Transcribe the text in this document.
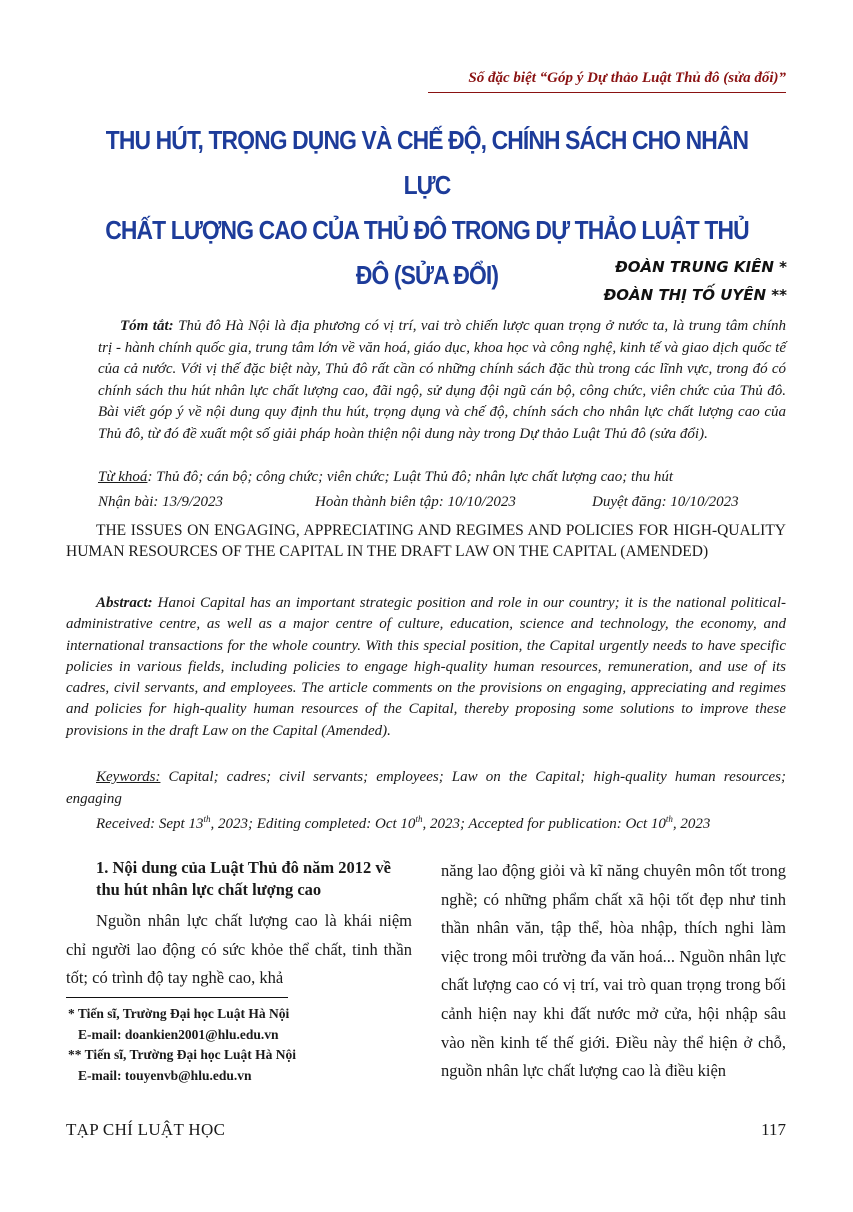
Số đặc biệt “Góp ý Dự thảo Luật Thủ đô (sửa đổi)”
THU HÚT, TRỌNG DỤNG VÀ CHẾ ĐỘ, CHÍNH SÁCH CHO NHÂN LỰC
CHẤT LƯỢNG CAO CỦA THỦ ĐÔ TRONG DỰ THẢO LUẬT THỦ ĐÔ (SỬA ĐỔI)	ĐOÀN TRUNG KIÊN *
ĐOÀN THỊ TỐ UYÊN **
Tóm tắt: Thủ đô Hà Nội là địa phương có vị trí, vai trò chiến lược quan trọng ở nước ta, là trung tâm chính trị - hành chính quốc gia, trung tâm lớn về văn hoá, giáo dục, khoa học và công nghệ, kinh tế và giao dịch quốc tế của cả nước. Với vị thế đặc biệt này, Thủ đô rất cần có những chính sách đặc thù trong các lĩnh vực, trong đó có chính sách thu hút nhân lực chất lượng cao, đãi ngộ, sử dụng đội ngũ cán bộ, công chức, viên chức của Thủ đô. Bài viết góp ý về nội dung quy định thu hút, trọng dụng và chế độ, chính sách cho nhân lực chất lượng cao của Thủ đô, từ đó đề xuất một số giải pháp hoàn thiện nội dung này trong Dự thảo Luật Thủ đô (sửa đổi).
Từ khoá: Thủ đô; cán bộ; công chức; viên chức; Luật Thủ đô; nhân lực chất lượng cao; thu hút
Nhận bài: 13/9/2023	Hoàn thành biên tập: 10/10/2023	Duyệt đăng: 10/10/2023
THE ISSUES ON ENGAGING, APPRECIATING AND REGIMES AND POLICIES FOR HIGH-QUALITY HUMAN RESOURCES OF THE CAPITAL IN THE DRAFT LAW ON THE CAPITAL (AMENDED)
Abstract: Hanoi Capital has an important strategic position and role in our country; it is the national political-administrative centre, as well as a major centre of culture, education, science and technology, the economy, and international transactions for the whole country. With this special position, the Capital urgently needs to have specific policies in various fields, including policies to engage high-quality human resources, remuneration, and use of its cadres, civil servants, and employees. The article comments on the provisions on engaging, appreciating and regimes and policies for high-quality human resources of the Capital, thereby proposing some solutions to improve these provisions in the draft Law on the Capital (Amended).
Keywords: Capital; cadres; civil servants; employees; Law on the Capital; high-quality human resources; engaging
Received: Sept 13th, 2023; Editing completed: Oct 10th, 2023; Accepted for publication: Oct 10th, 2023
1. Nội dung của Luật Thủ đô năm 2012 về thu hút nhân lực chất lượng cao
Nguồn nhân lực chất lượng cao là khái niệm chỉ người lao động có sức khỏe thể chất, tinh thần tốt; có trình độ tay nghề cao, khả
năng lao động giỏi và kĩ năng chuyên môn tốt trong nghề; có những phẩm chất xã hội tốt đẹp như tinh thần nhân văn, tập thể, hòa nhập, thích nghi làm việc trong môi trường đa văn hoá... Nguồn nhân lực chất lượng cao có vị trí, vai trò quan trọng trong bối cảnh hiện nay khi đất nước mở cửa, hội nhập sâu vào nền kinh tế thế giới. Điều này thể hiện ở chỗ, nguồn nhân lực chất lượng cao là điều kiện
* Tiến sĩ, Trường Đại học Luật Hà Nội
E-mail: doankien2001@hlu.edu.vn
** Tiến sĩ, Trường Đại học Luật Hà Nội
E-mail: touyenvb@hlu.edu.vn
TẠP CHÍ LUẬT HỌC	117
